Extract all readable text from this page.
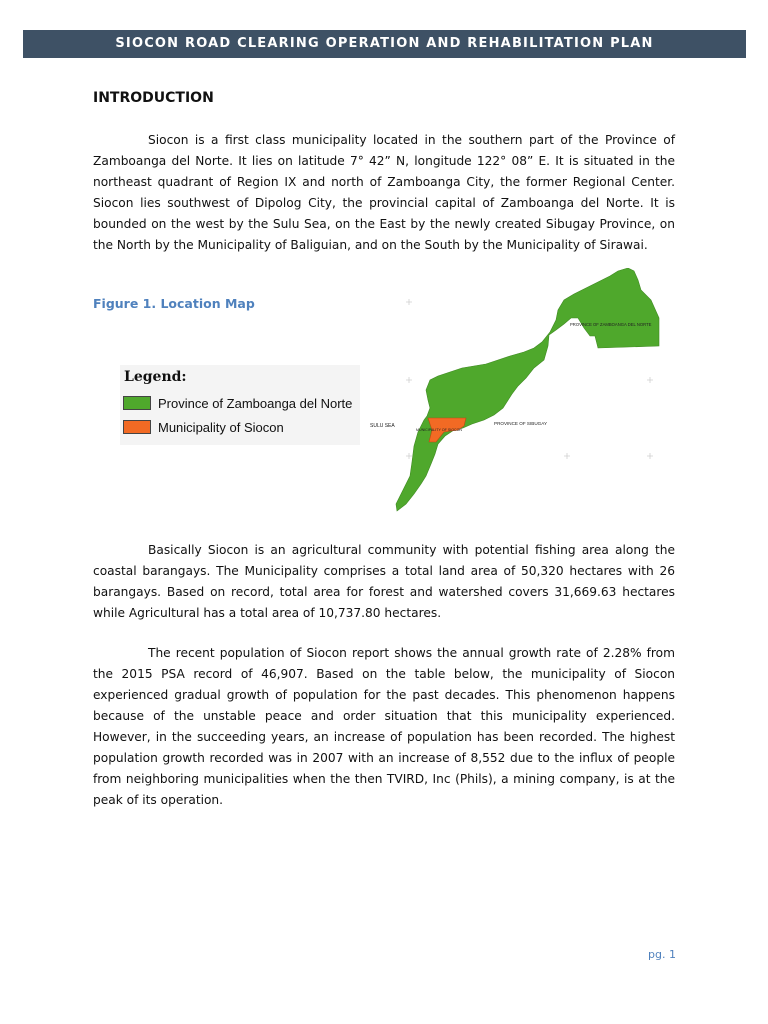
SIOCON ROAD CLEARING OPERATION AND REHABILITATION PLAN
INTRODUCTION

Siocon is a first class municipality located in the southern part of the Province of Zamboanga del Norte. It lies on latitude 7° 42” N, longitude 122° 08” E. It is situated in the northeast quadrant of Region IX and north of Zamboanga City, the former Regional Center. Siocon lies southwest of Dipolog City, the provincial capital of Zamboanga del Norte. It is bounded on the west by the Sulu Sea, on the East by the newly created Sibugay Province, on the North by the Municipality of Baliguian, and on the South by the Municipality of Sirawai.

Figure 1. Location Map
Legend:
Province of Zamboanga del Norte
Municipality of Siocon
PROVINCE OF ZAMBOANGA DEL NORTE
SULU SEA	PROVINCE OF SIBUGAY
MUNICIPALITY OF SIOCON

Basically Siocon is an agricultural community with potential fishing area along the coastal barangays. The Municipality comprises a total land area of 50,320 hectares with 26 barangays. Based on record, total area for forest and watershed covers 31,669.63 hectares while Agricultural has a total area of 10,737.80 hectares.

The recent population of Siocon report shows the annual growth rate of 2.28% from the 2015 PSA record of 46,907. Based on the table below, the municipality of Siocon experienced gradual growth of population for the past decades. This phenomenon happens because of the unstable peace and order situation that this municipality experienced. However, in the succeeding years, an increase of population has been recorded. The highest population growth recorded was in 2007 with an increase of 8,552 due to the influx of people from neighboring municipalities when the then TVIRD, Inc (Phils), a mining company, is at the peak of its operation.

pg. 1
